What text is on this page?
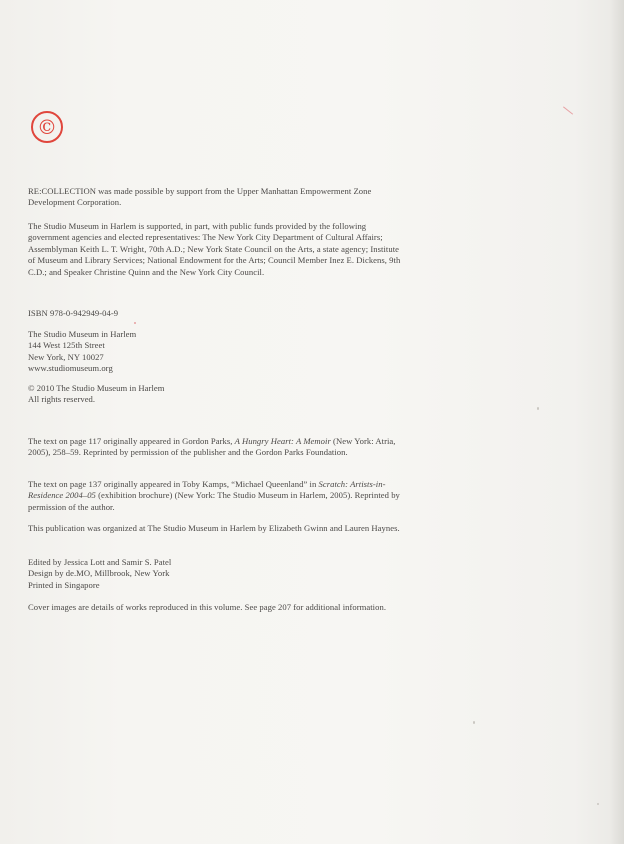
©

RE:COLLECTION was made possible by support from the Upper Manhattan Empowerment Zone Development Corporation.

The Studio Museum in Harlem is supported, in part, with public funds provided by the following government agencies and elected representatives: The New York City Department of Cultural Affairs; Assemblyman Keith L. T. Wright, 70th A.D.; New York State Council on the Arts, a state agency; Institute of Museum and Library Services; National Endowment for the Arts; Council Member Inez E. Dickens, 9th C.D.; and Speaker Christine Quinn and the New York City Council.

ISBN 978-0-942949-04-9

The Studio Museum in Harlem

144 West 125th Street

New York, NY 10027

www.studiomuseum.org

© 2010 The Studio Museum in Harlem

All rights reserved.

The text on page 117 originally appeared in Gordon Parks, A Hungry Heart: A Memoir (New York: Atria, 2005), 258–59. Reprinted by permission of the publisher and the Gordon Parks Foundation.

The text on page 137 originally appeared in Toby Kamps, “Michael Queenland” in Scratch: Artists-in-Residence 2004–05 (exhibition brochure) (New York: The Studio Museum in Harlem, 2005). Reprinted by permission of the author.

This publication was organized at The Studio Museum in Harlem by Elizabeth Gwinn and Lauren Haynes.

Edited by Jessica Lott and Samir S. Patel

Design by de.MO, Millbrook, New York

Printed in Singapore

Cover images are details of works reproduced in this volume. See page 207 for additional information.
